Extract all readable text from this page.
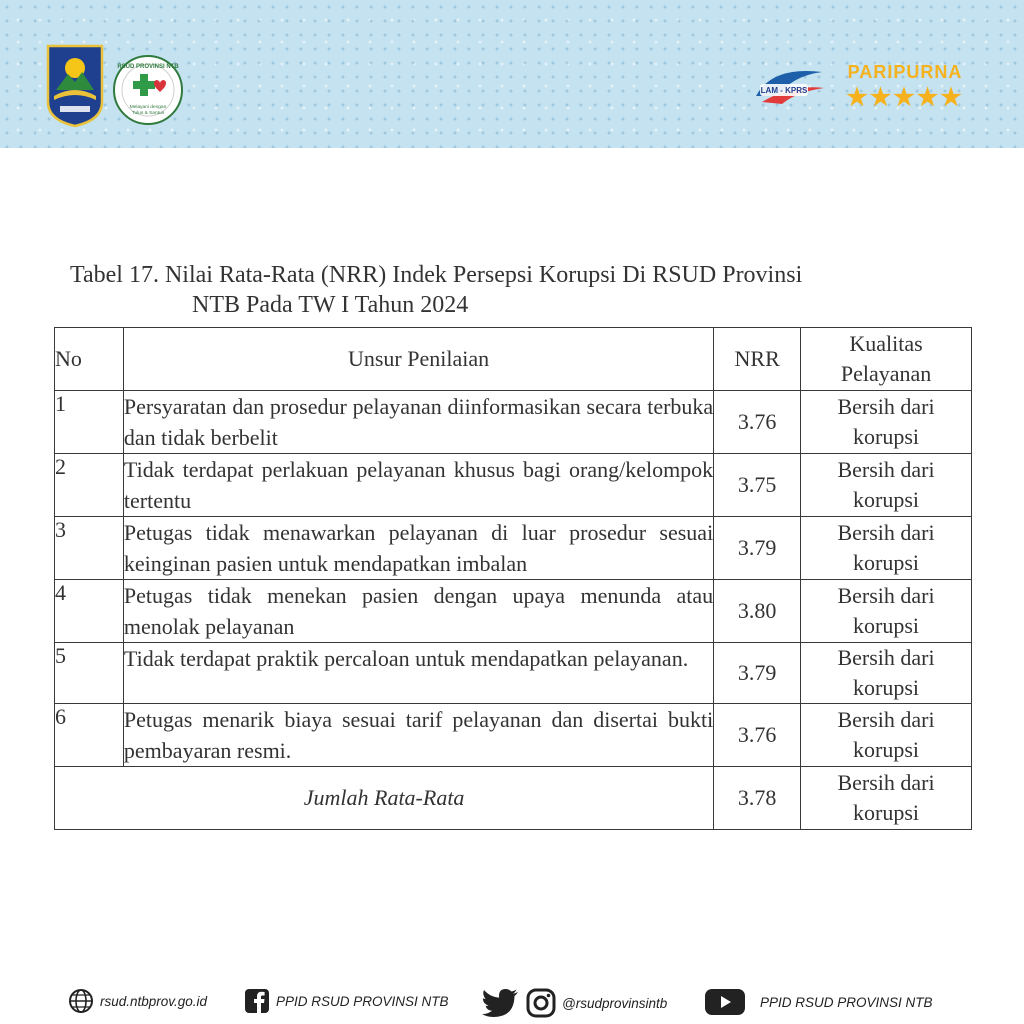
RSUD PROVINSI NTB
Melayani dengan
Tulus & Santun
LAM - KPRS
PARIPURNA
★★★★★
Tabel 17. Nilai Rata-Rata (NRR) Indek Persepsi Korupsi Di RSUD Provinsi
NTB Pada TW I Tahun 2024
No	Unsur Penilaian	NRR	Kualitas
Pelayanan
1	Persyaratan dan prosedur pelayanan diinformasikan secara terbuka dan tidak berbelit	3.76	Bersih dari
korupsi
2	Tidak terdapat perlakuan pelayanan khusus bagi orang/kelompok tertentu	3.75	Bersih dari
korupsi
3	Petugas tidak menawarkan pelayanan di luar prosedur sesuai keinginan pasien untuk mendapatkan imbalan	3.79	Bersih dari
korupsi
4	Petugas tidak menekan pasien dengan upaya menunda atau menolak pelayanan	3.80	Bersih dari
korupsi
5	Tidak terdapat praktik percaloan untuk mendapatkan pelayanan.	3.79	Bersih dari
korupsi
6	Petugas menarik biaya sesuai tarif pelayanan dan disertai bukti pembayaran resmi.	3.76	Bersih dari
korupsi
Jumlah Rata-Rata		3.78	Bersih dari
korupsi
rsud.ntbprov.go.id	PPID RSUD PROVINSI NTB	@rsudprovinsintb	PPID RSUD PROVINSI NTB
